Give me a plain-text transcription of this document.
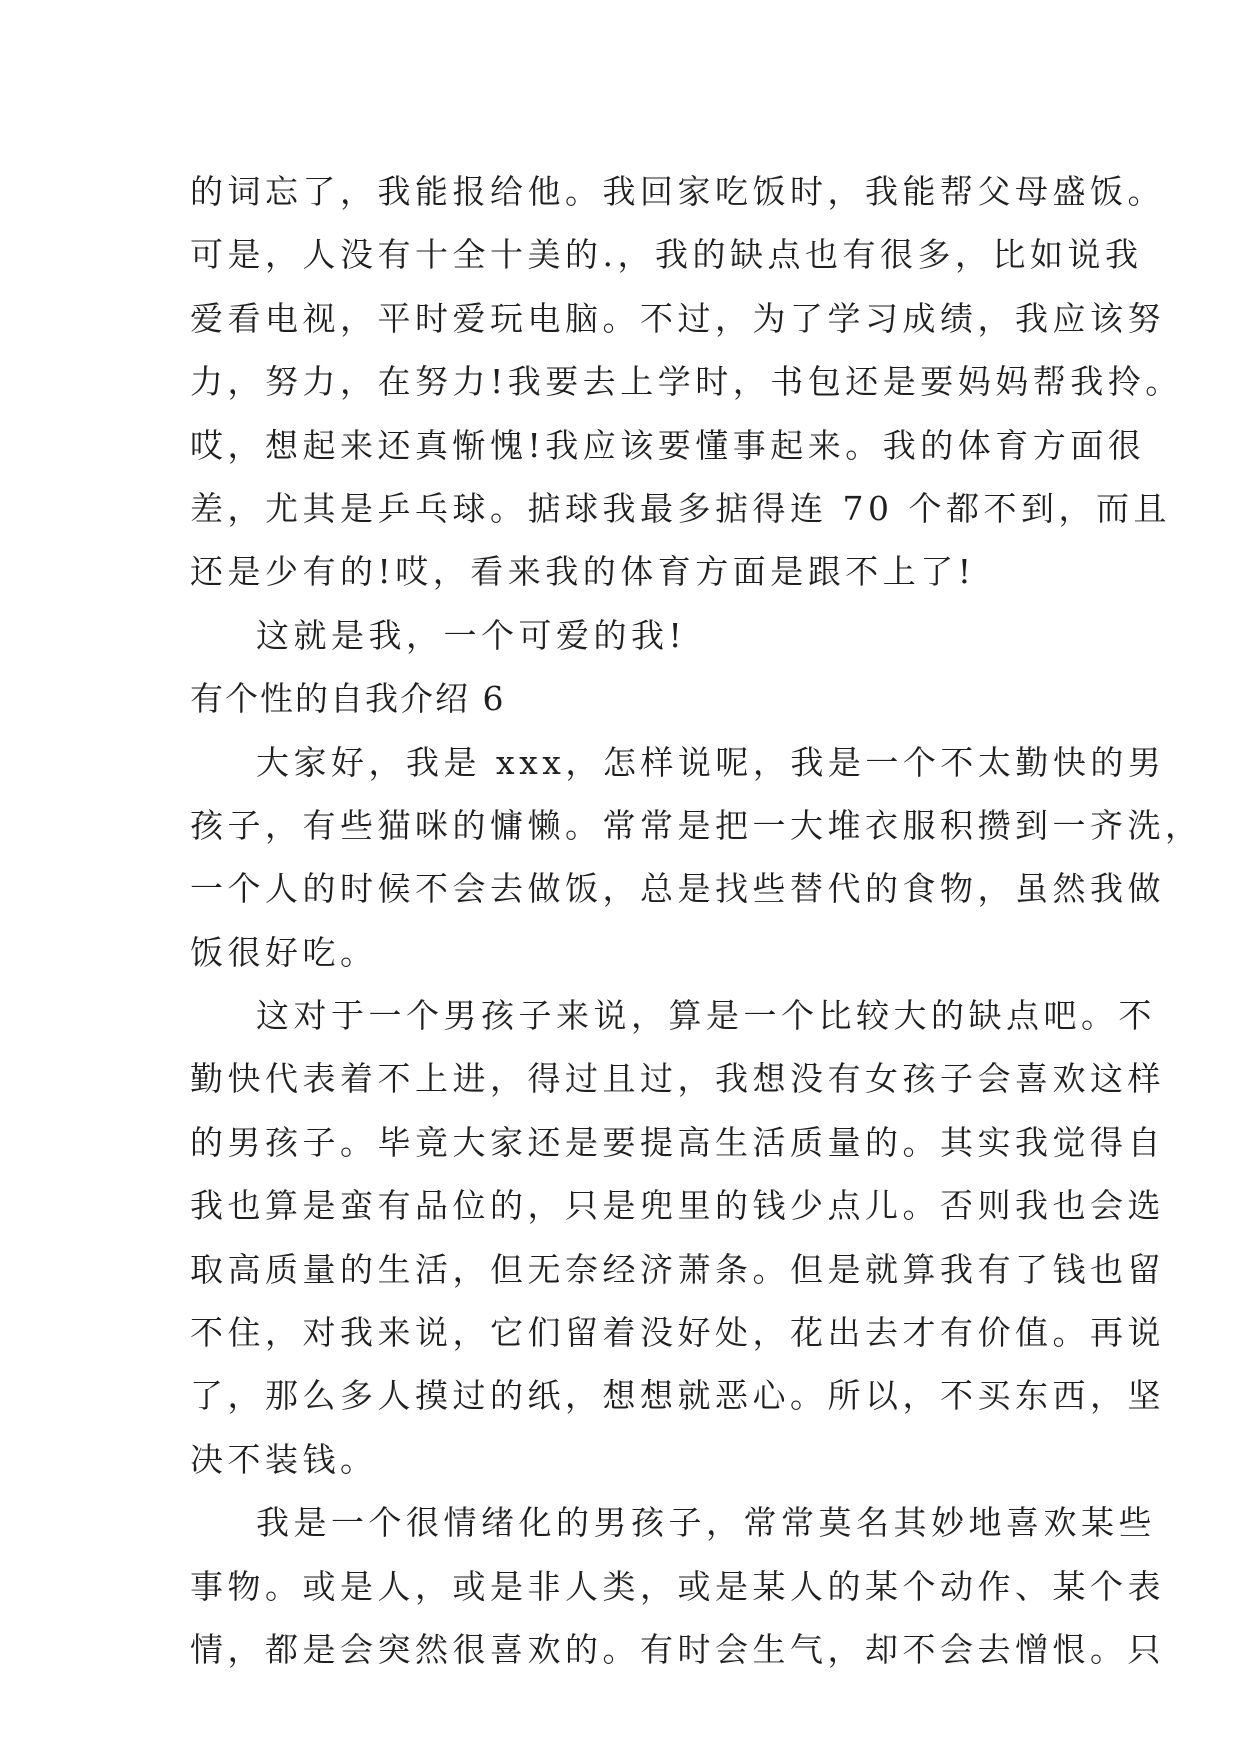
的词忘了，我能报给他。我回家吃饭时，我能帮父母盛饭。
可是，人没有十全十美的.，我的缺点也有很多，比如说我
爱看电视，平时爱玩电脑。不过，为了学习成绩，我应该努
力，努力，在努力!我要去上学时，书包还是要妈妈帮我拎。
哎，想起来还真惭愧!我应该要懂事起来。我的体育方面很
差，尤其是乒乓球。掂球我最多掂得连 70 个都不到，而且
还是少有的!哎，看来我的体育方面是跟不上了!
这就是我，一个可爱的我!
有个性的自我介绍 6
大家好，我是 xxx，怎样说呢，我是一个不太勤快的男
孩子，有些猫咪的慵懒。常常是把一大堆衣服积攒到一齐洗，
一个人的时候不会去做饭，总是找些替代的食物，虽然我做
饭很好吃。
这对于一个男孩子来说，算是一个比较大的缺点吧。不
勤快代表着不上进，得过且过，我想没有女孩子会喜欢这样
的男孩子。毕竟大家还是要提高生活质量的。其实我觉得自
我也算是蛮有品位的，只是兜里的钱少点儿。否则我也会选
取高质量的生活，但无奈经济萧条。但是就算我有了钱也留
不住，对我来说，它们留着没好处，花出去才有价值。再说
了，那么多人摸过的纸，想想就恶心。所以，不买东西，坚
决不装钱。
我是一个很情绪化的男孩子，常常莫名其妙地喜欢某些
事物。或是人，或是非人类，或是某人的某个动作、某个表
情，都是会突然很喜欢的。有时会生气，却不会去憎恨。只
